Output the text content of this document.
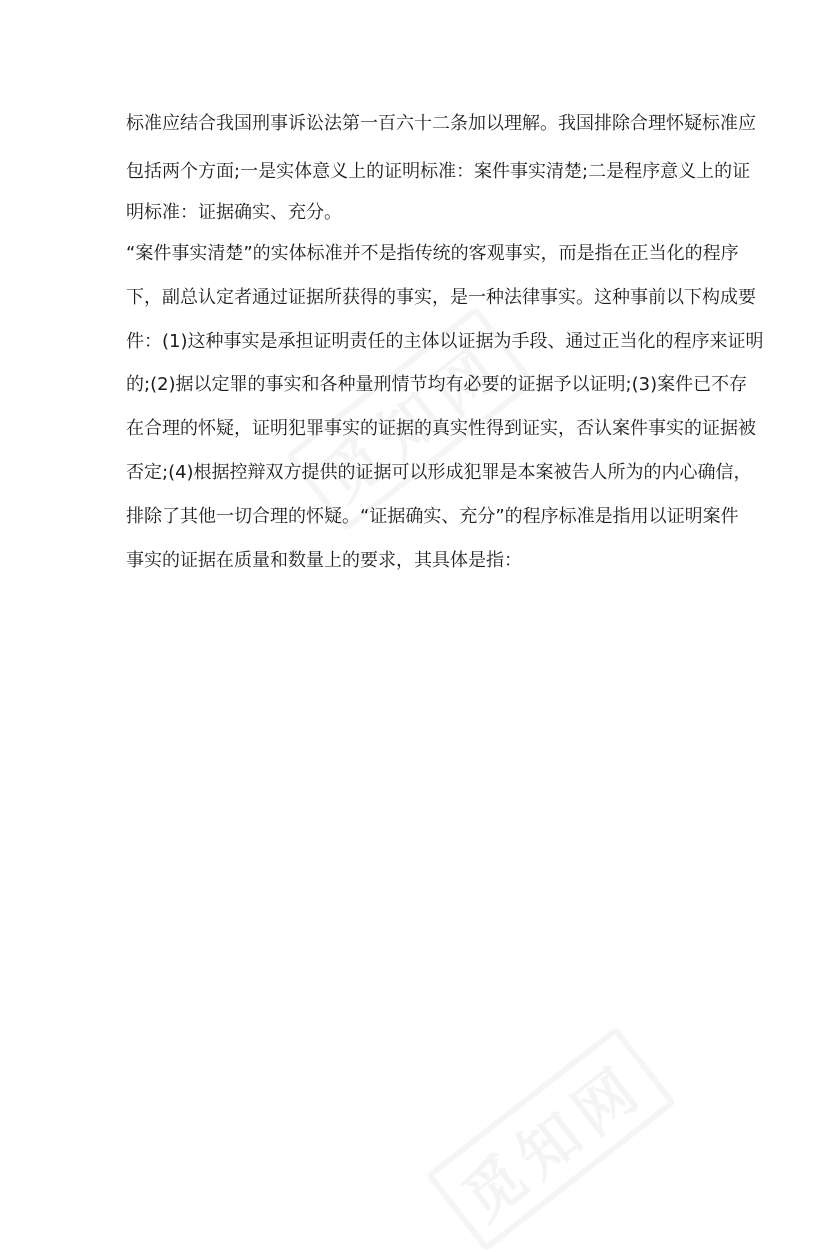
标准应结合我国刑事诉讼法第一百六十二条加以理解。我国排除合理怀疑标准应
包括两个方面;一是实体意义上的证明标准：案件事实清楚;二是程序意义上的证
明标准：证据确实、充分。
“案件事实清楚”的实体标准并不是指传统的客观事实，而是指在正当化的程序
下，副总认定者通过证据所获得的事实，是一种法律事实。这种事前以下构成要
件：(1)这种事实是承担证明责任的主体以证据为手段、通过正当化的程序来证明
的;(2)据以定罪的事实和各种量刑情节均有必要的证据予以证明;(3)案件已不存
在合理的怀疑，证明犯罪事实的证据的真实性得到证实，否认案件事实的证据被
否定;(4)根据控辩双方提供的证据可以形成犯罪是本案被告人所为的内心确信，
排除了其他一切合理的怀疑。“证据确实、充分”的程序标准是指用以证明案件
事实的证据在质量和数量上的要求，其具体是指：
